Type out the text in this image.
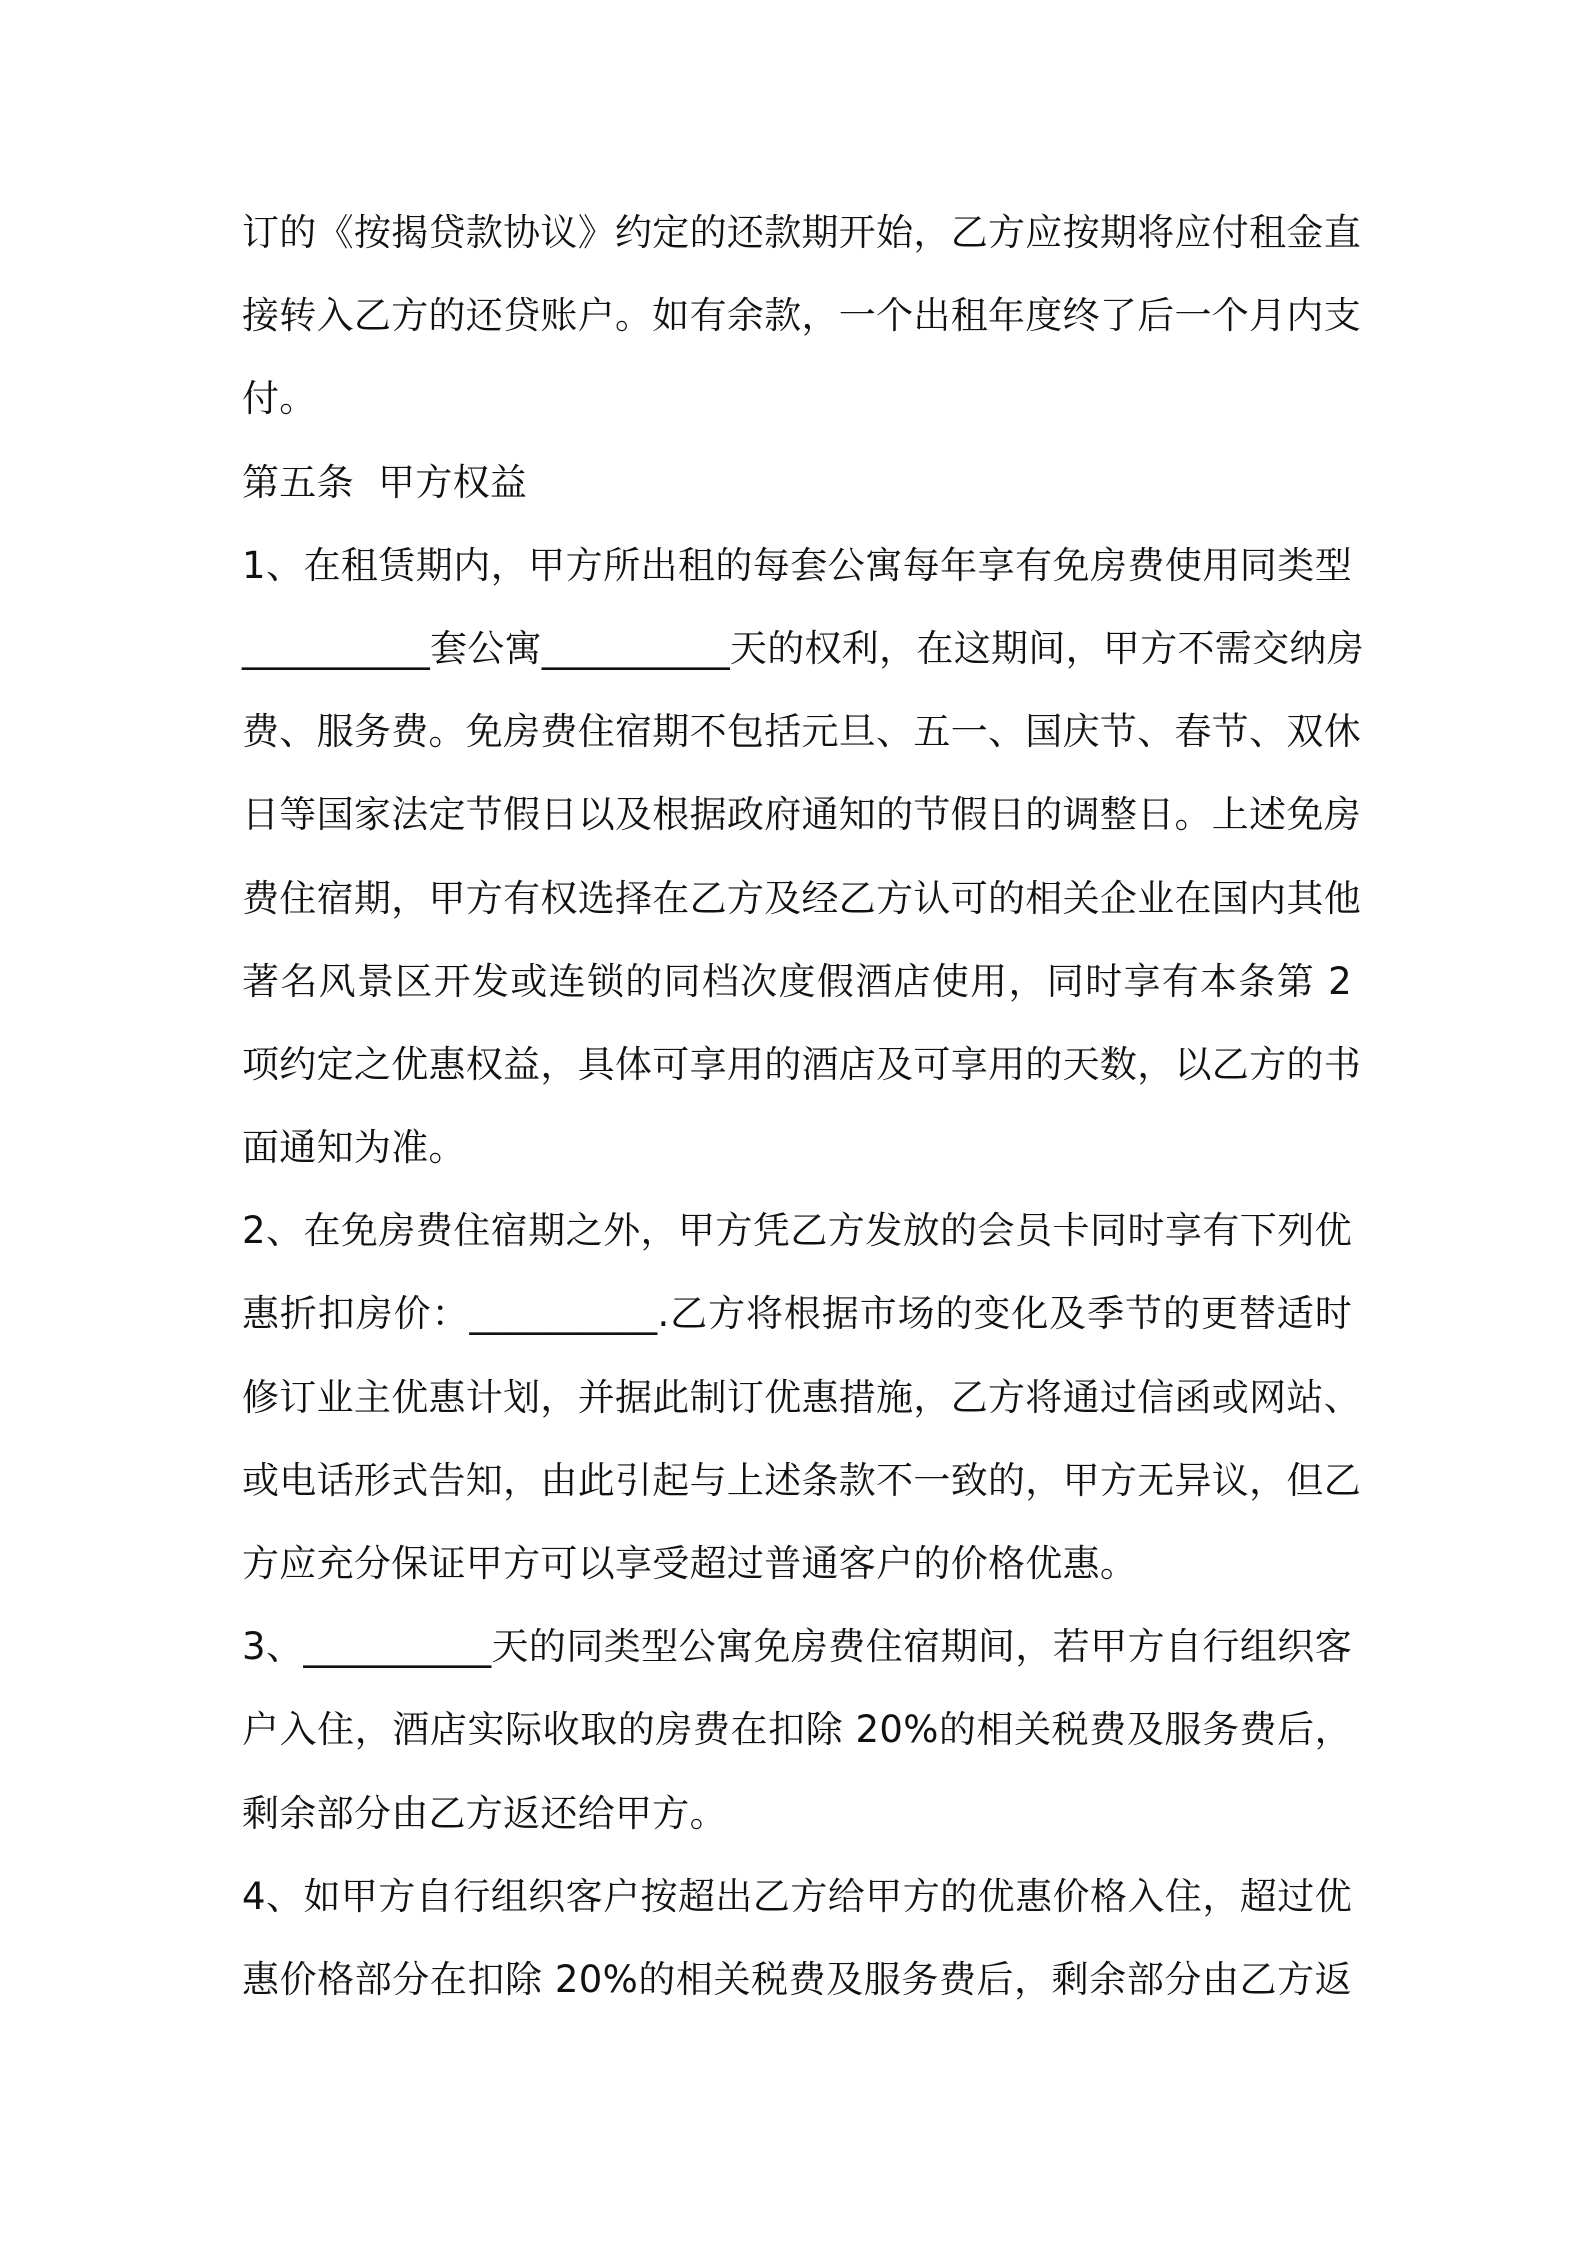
订的《按揭贷款协议》约定的还款期开始，乙方应按期将应付租金直
接转入乙方的还贷账户。如有余款，一个出租年度终了后一个月内支
付。
第五条  甲方权益
1、在租赁期内，甲方所出租的每套公寓每年享有免房费使用同类型
__________套公寓__________天的权利，在这期间，甲方不需交纳房
费、服务费。免房费住宿期不包括元旦、五一、国庆节、春节、双休
日等国家法定节假日以及根据政府通知的节假日的调整日。上述免房
费住宿期，甲方有权选择在乙方及经乙方认可的相关企业在国内其他
著名风景区开发或连锁的同档次度假酒店使用，同时享有本条第 2
项约定之优惠权益，具体可享用的酒店及可享用的天数，以乙方的书
面通知为准。
2、在免房费住宿期之外，甲方凭乙方发放的会员卡同时享有下列优
惠折扣房价：__________.乙方将根据市场的变化及季节的更替适时
修订业主优惠计划，并据此制订优惠措施，乙方将通过信函或网站、
或电话形式告知，由此引起与上述条款不一致的，甲方无异议，但乙
方应充分保证甲方可以享受超过普通客户的价格优惠。
3、__________天的同类型公寓免房费住宿期间，若甲方自行组织客
户入住，酒店实际收取的房费在扣除 20%的相关税费及服务费后，
剩余部分由乙方返还给甲方。
4、如甲方自行组织客户按超出乙方给甲方的优惠价格入住，超过优
惠价格部分在扣除 20%的相关税费及服务费后，剩余部分由乙方返
